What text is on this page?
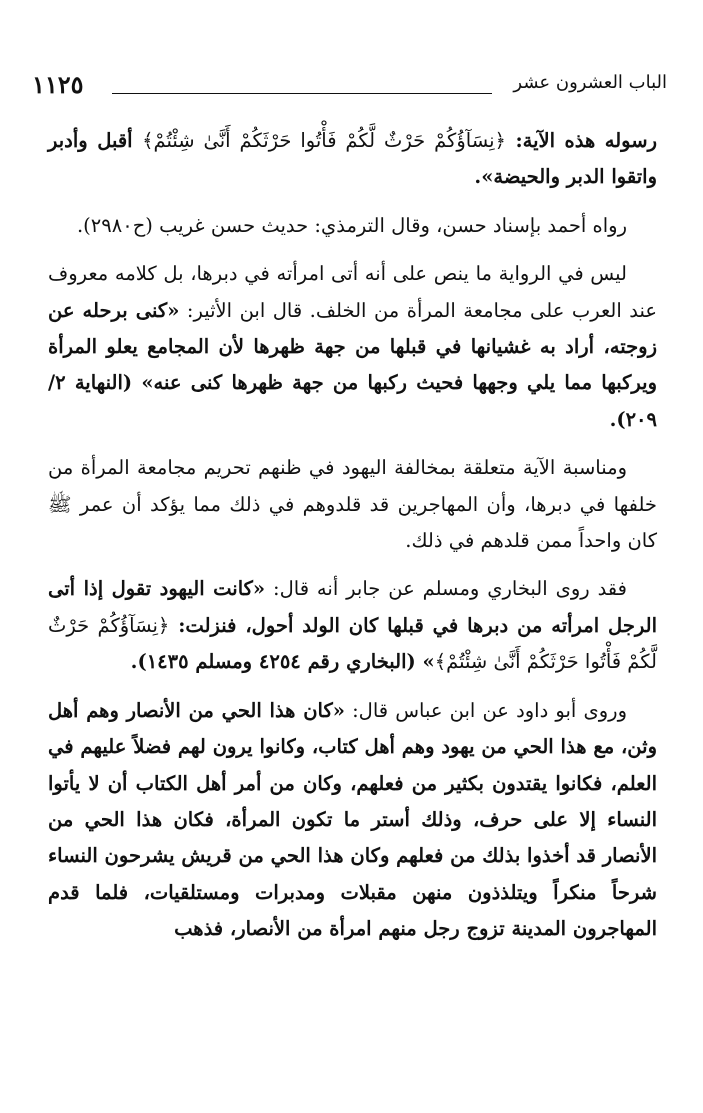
١١٢٥	الباب العشرون عشر

رسوله هذه الآية: ﴿نِسَآؤُكُمْ حَرْثٌ لَّكُمْ فَأْتُوا حَرْثَكُمْ أَنَّىٰ شِئْتُمْ﴾ أقبل وأدبر واتقوا الدبر والحيضة».

رواه أحمد بإسناد حسن، وقال الترمذي: حديث حسن غريب (ح٢٩٨٠).

ليس في الرواية ما ينص على أنه أتى امرأته في دبرها، بل كلامه معروف عند العرب على مجامعة المرأة من الخلف. قال ابن الأثير: «كنى برحله عن زوجته، أراد به غشيانها في قبلها من جهة ظهرها لأن المجامع يعلو المرأة ويركبها مما يلي وجهها فحيث ركبها من جهة ظهرها كنى عنه» (النهاية ٢/ ٢٠٩).

ومناسبة الآية متعلقة بمخالفة اليهود في ظنهم تحريم مجامعة المرأة من خلفها في دبرها، وأن المهاجرين قد قلدوهم في ذلك مما يؤكد أن عمر ﷺ كان واحداً ممن قلدهم في ذلك.

فقد روى البخاري ومسلم عن جابر أنه قال: «كانت اليهود تقول إذا أتى الرجل امرأته من دبرها في قبلها كان الولد أحول، فنزلت: ﴿نِسَآؤُكُمْ حَرْثٌ لَّكُمْ فَأْتُوا حَرْثَكُمْ أَنَّىٰ شِئْتُمْ﴾» (البخاري رقم ٤٢٥٤ ومسلم ١٤٣٥).

وروى أبو داود عن ابن عباس قال: «كان هذا الحي من الأنصار وهم أهل وثن، مع هذا الحي من يهود وهم أهل كتاب، وكانوا يرون لهم فضلاً عليهم في العلم، فكانوا يقتدون بكثير من فعلهم، وكان من أمر أهل الكتاب أن لا يأتوا النساء إلا على حرف، وذلك أستر ما تكون المرأة، فكان هذا الحي من الأنصار قد أخذوا بذلك من فعلهم وكان هذا الحي من قريش يشرحون النساء شرحاً منكراً ويتلذذون منهن مقبلات ومدبرات ومستلقيات، فلما قدم المهاجرون المدينة تزوج رجل منهم امرأة من الأنصار، فذهب
